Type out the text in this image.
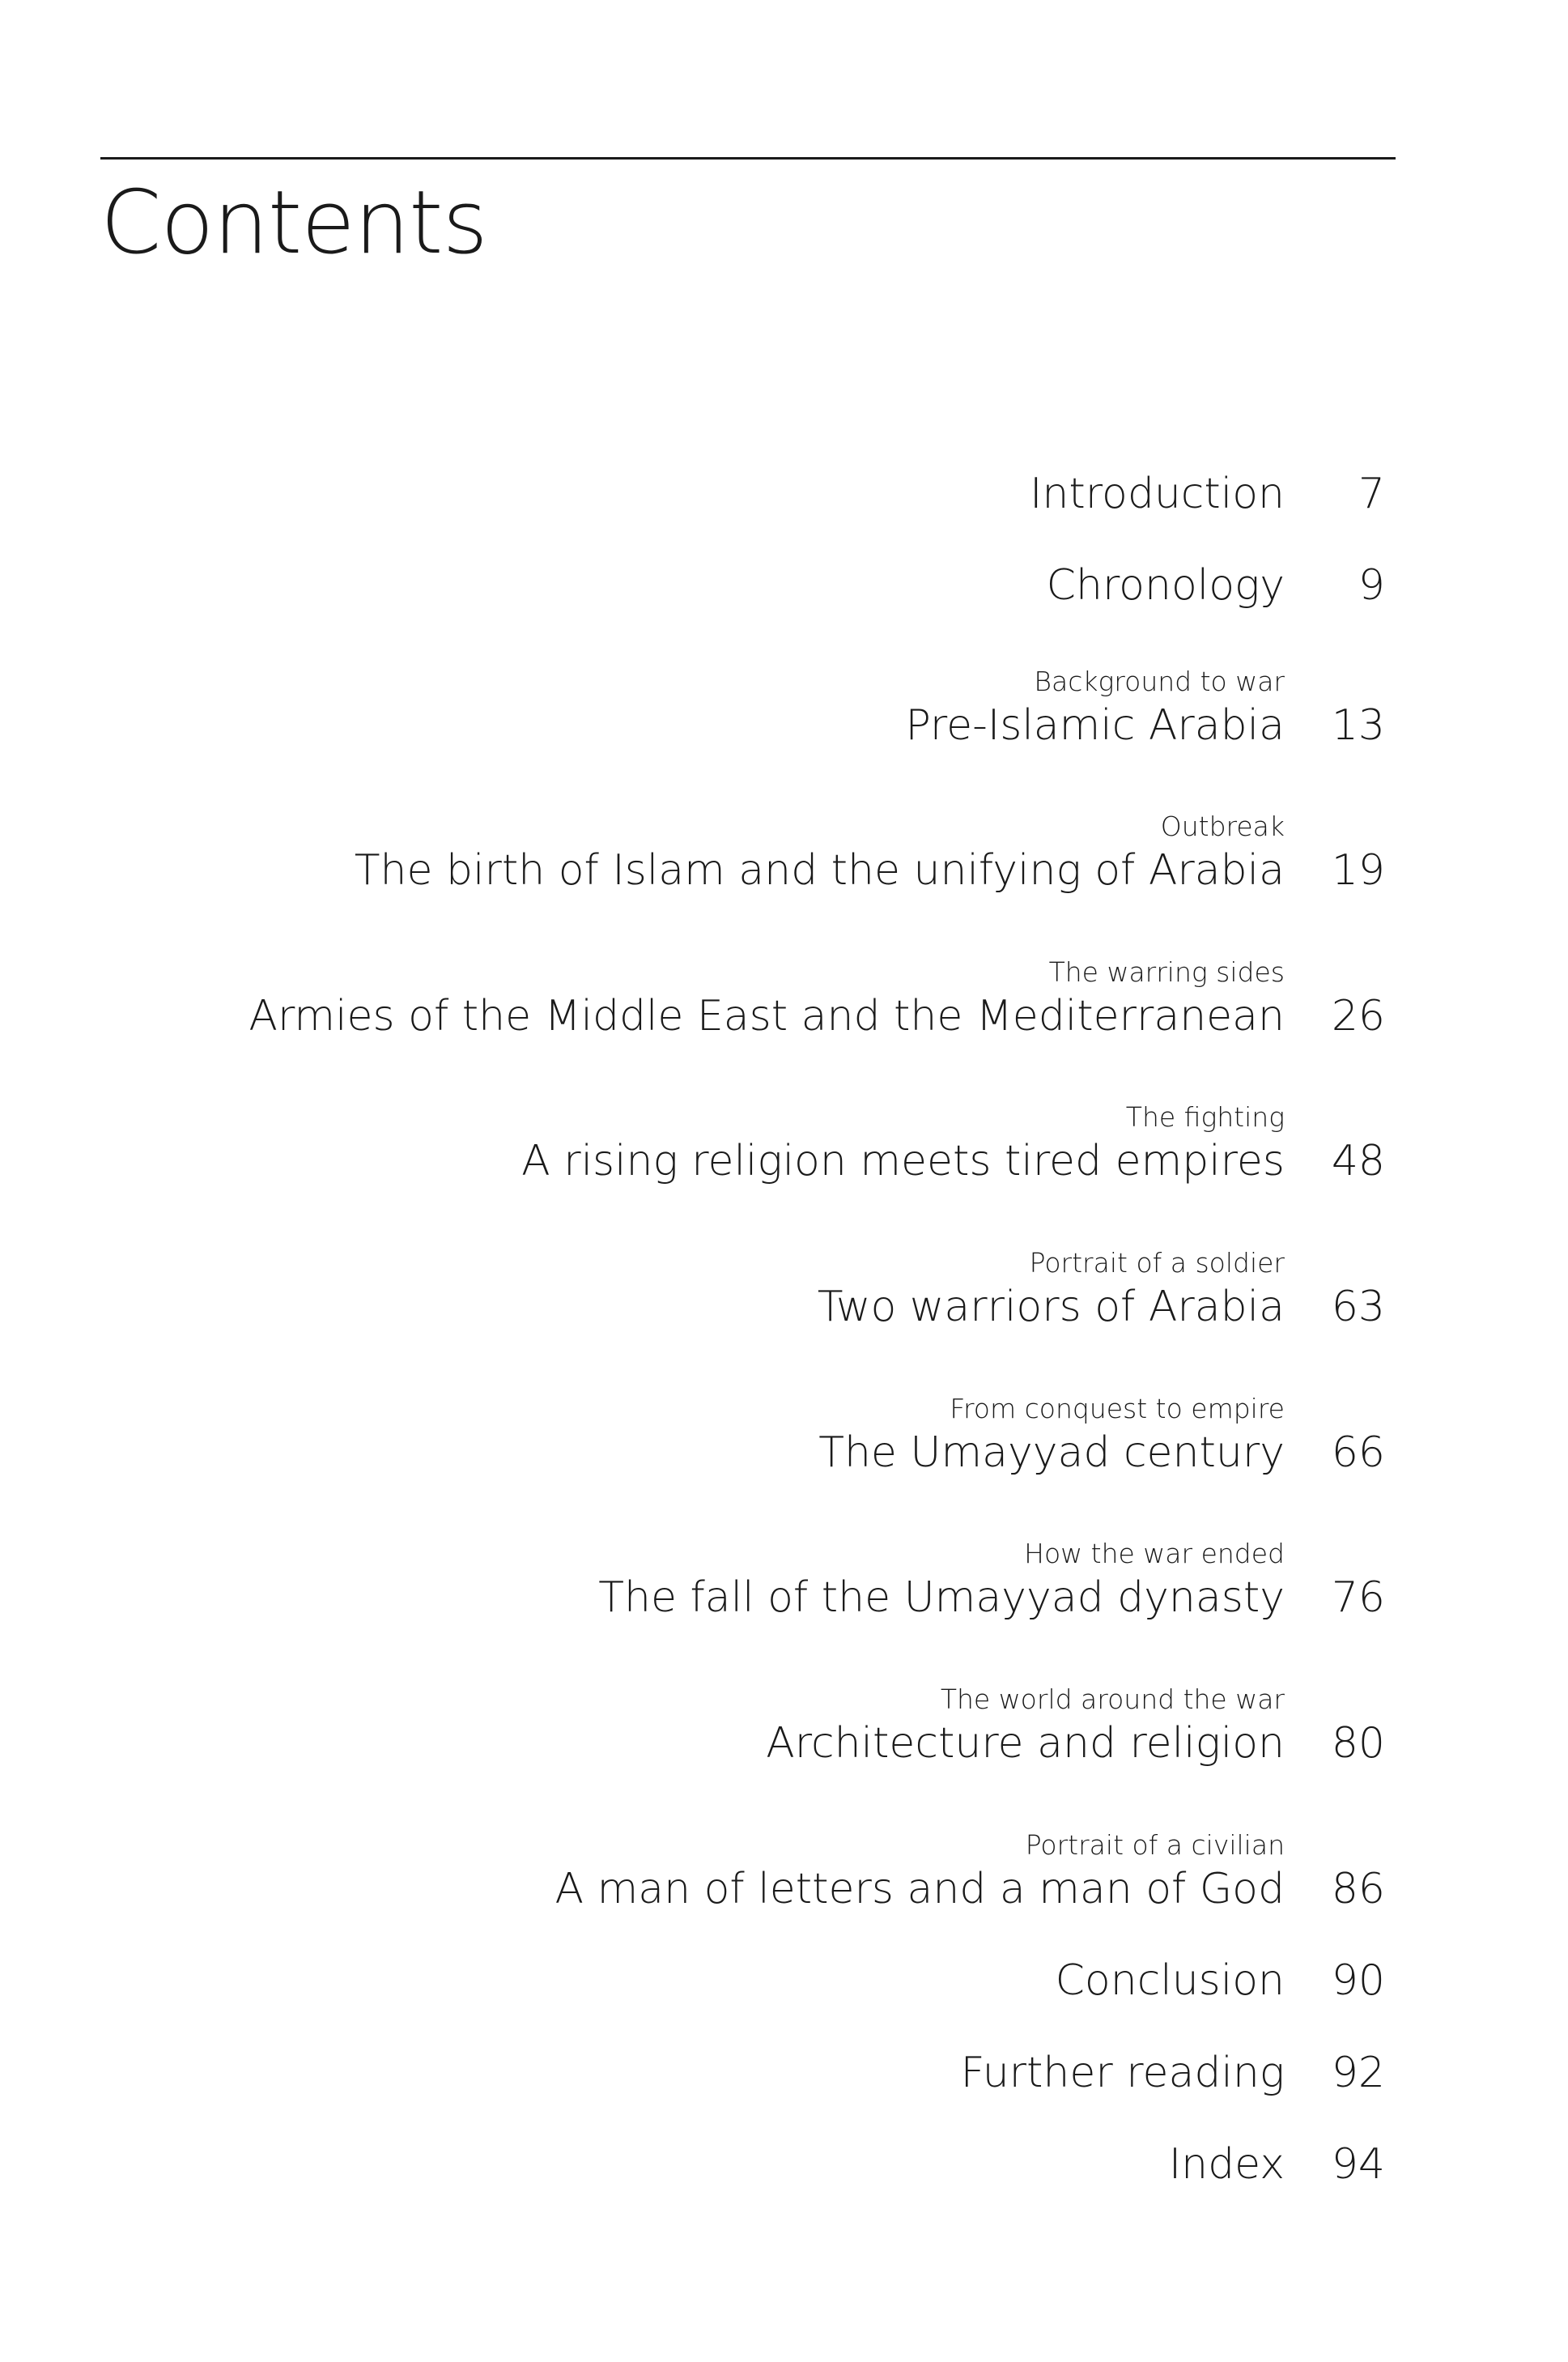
Contents
Introduction	7
Chronology	9
Background to war
Pre-Islamic Arabia	13
Outbreak
The birth of Islam and the unifying of Arabia	19
The warring sides
Armies of the Middle East and the Mediterranean	26
The fighting
A rising religion meets tired empires	48
Portrait of a soldier
Two warriors of Arabia	63
From conquest to empire
The Umayyad century	66
How the war ended
The fall of the Umayyad dynasty	76
The world around the war
Architecture and religion	80
Portrait of a civilian
A man of letters and a man of God	86
Conclusion	90
Further reading	92
Index	94
